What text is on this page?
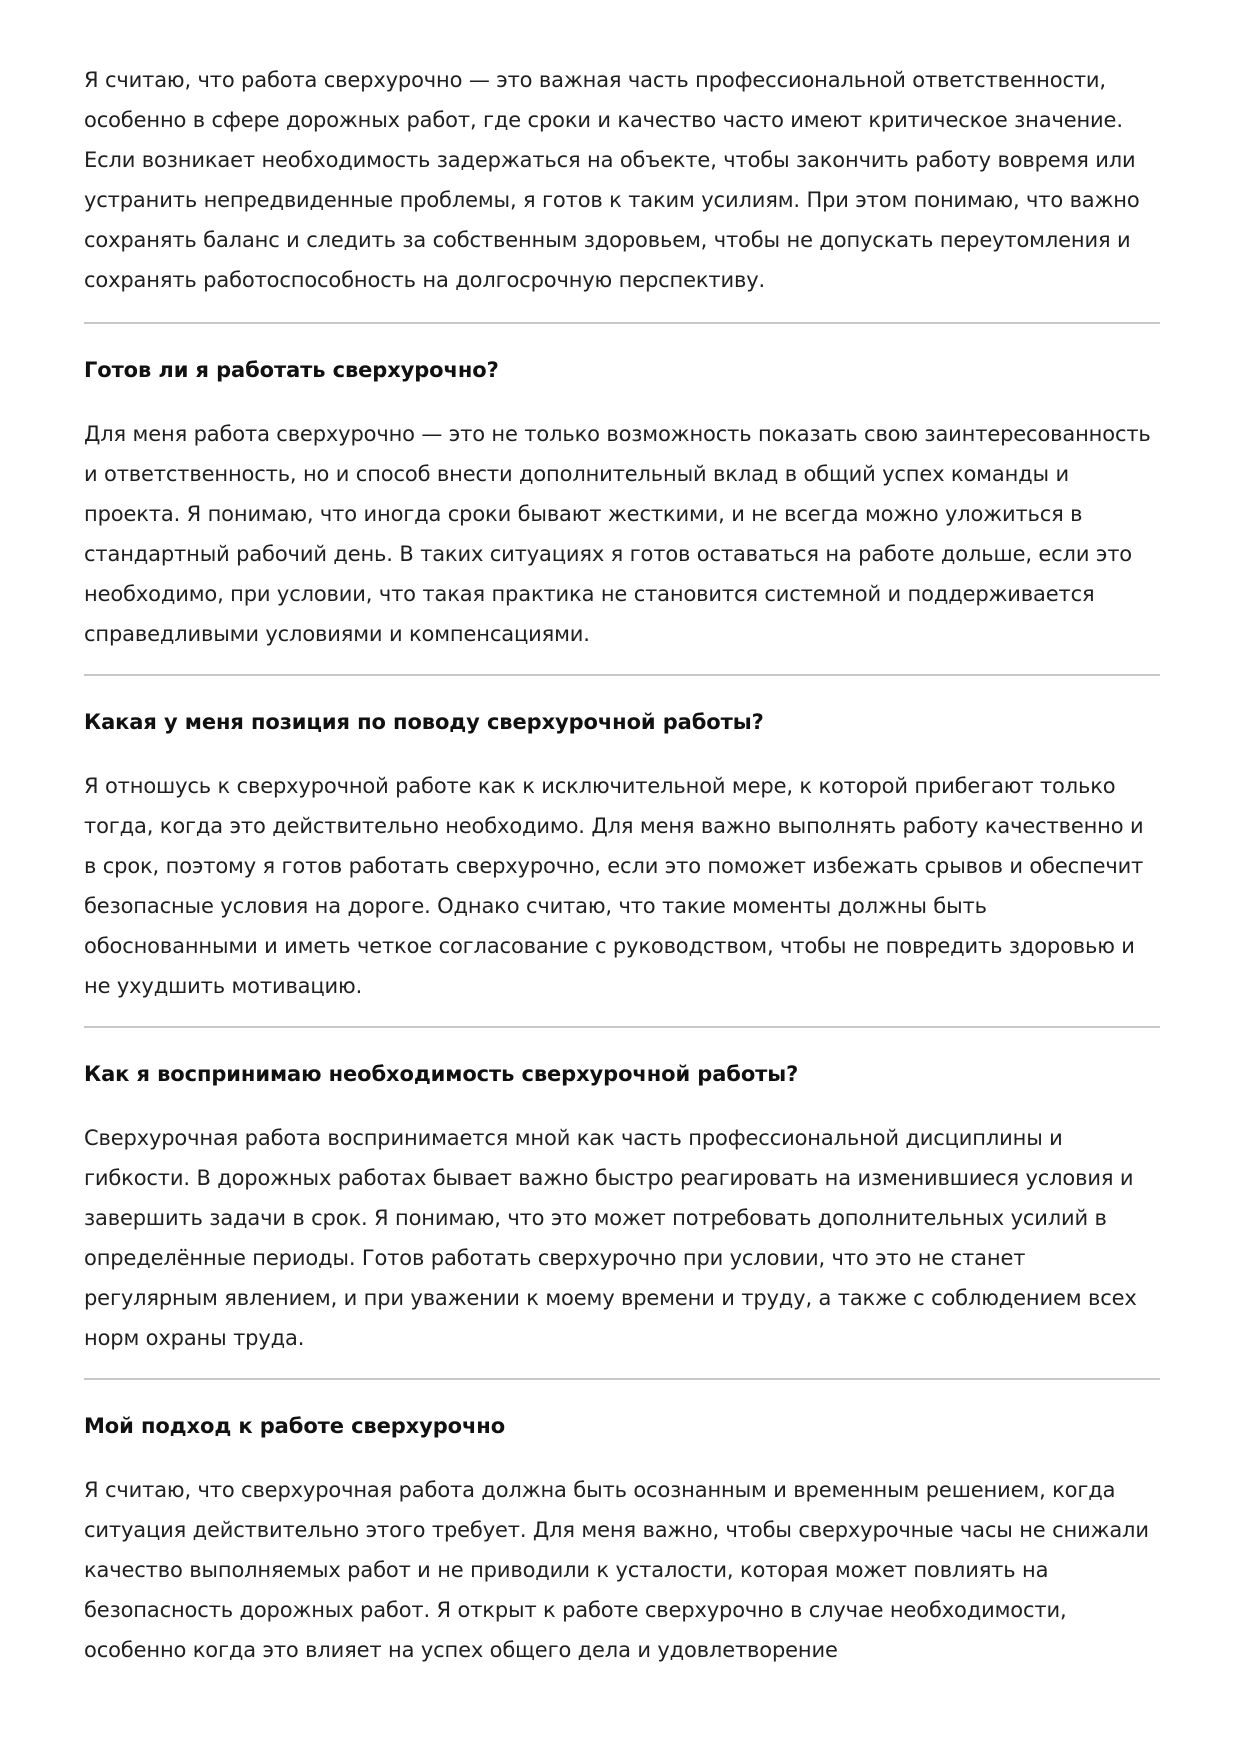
Я считаю, что работа сверхурочно — это важная часть профессиональной ответственности, особенно в сфере дорожных работ, где сроки и качество часто имеют критическое значение. Если возникает необходимость задержаться на объекте, чтобы закончить работу вовремя или устранить непредвиденные проблемы, я готов к таким усилиям. При этом понимаю, что важно сохранять баланс и следить за собственным здоровьем, чтобы не допускать переутомления и сохранять работоспособность на долгосрочную перспективу.

Готов ли я работать сверхурочно?

Для меня работа сверхурочно — это не только возможность показать свою заинтересованность и ответственность, но и способ внести дополнительный вклад в общий успех команды и проекта. Я понимаю, что иногда сроки бывают жесткими, и не всегда можно уложиться в стандартный рабочий день. В таких ситуациях я готов оставаться на работе дольше, если это необходимо, при условии, что такая практика не становится системной и поддерживается справедливыми условиями и компенсациями.

Какая у меня позиция по поводу сверхурочной работы?

Я отношусь к сверхурочной работе как к исключительной мере, к которой прибегают только тогда, когда это действительно необходимо. Для меня важно выполнять работу качественно и в срок, поэтому я готов работать сверхурочно, если это поможет избежать срывов и обеспечит безопасные условия на дороге. Однако считаю, что такие моменты должны быть обоснованными и иметь четкое согласование с руководством, чтобы не повредить здоровью и не ухудшить мотивацию.

Как я воспринимаю необходимость сверхурочной работы?

Сверхурочная работа воспринимается мной как часть профессиональной дисциплины и гибкости. В дорожных работах бывает важно быстро реагировать на изменившиеся условия и завершить задачи в срок. Я понимаю, что это может потребовать дополнительных усилий в определённые периоды. Готов работать сверхурочно при условии, что это не станет регулярным явлением, и при уважении к моему времени и труду, а также с соблюдением всех норм охраны труда.

Мой подход к работе сверхурочно

Я считаю, что сверхурочная работа должна быть осознанным и временным решением, когда ситуация действительно этого требует. Для меня важно, чтобы сверхурочные часы не снижали качество выполняемых работ и не приводили к усталости, которая может повлиять на безопасность дорожных работ. Я открыт к работе сверхурочно в случае необходимости, особенно когда это влияет на успех общего дела и удовлетворение
